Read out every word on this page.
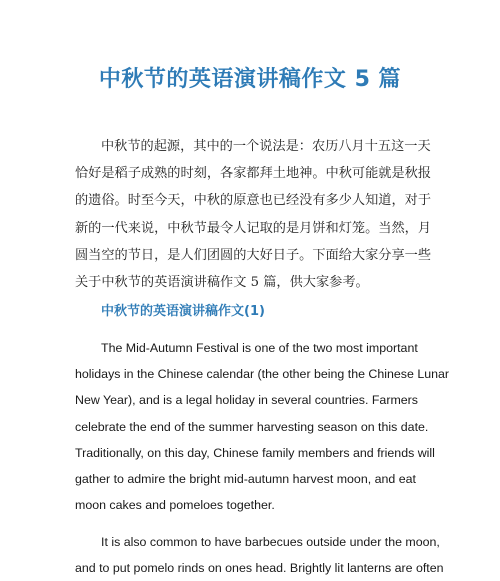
中秋节的英语演讲稿作文 5 篇
中秋节的起源，其中的一个说法是：农历八月十五这一天
恰好是稻子成熟的时刻，各家都拜土地神。中秋可能就是秋报
的遗俗。时至今天，中秋的原意也已经没有多少人知道，对于
新的一代来说，中秋节最令人记取的是月饼和灯笼。当然，月
圆当空的节日，是人们团圆的大好日子。下面给大家分享一些
关于中秋节的英语演讲稿作文 5 篇，供大家参考。
中秋节的英语演讲稿作文(1)
The Mid-Autumn Festival is one of the two most important
holidays in the Chinese calendar (the other being the Chinese Lunar
New Year), and is a legal holiday in several countries. Farmers
celebrate the end of the summer harvesting season on this date.
Traditionally, on this day, Chinese family members and friends will
gather to admire the bright mid-autumn harvest moon, and eat
moon cakes and pomeloes together.
It is also common to have barbecues outside under the moon,
and to put pomelo rinds on ones head. Brightly lit lanterns are often
